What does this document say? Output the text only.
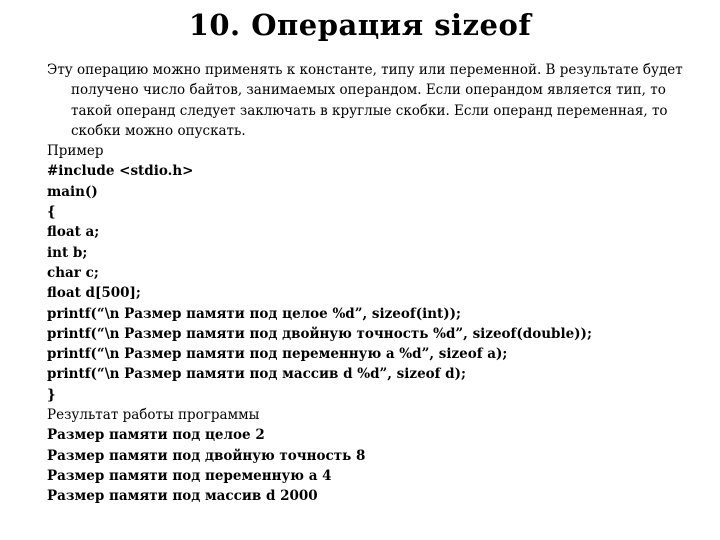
10. Операция sizeof

Эту операцию можно применять к константе, типу или переменной. В результате будет
получено число байтов, занимаемых операндом. Если операндом является тип, то
такой операнд следует заключать в круглые скобки. Если операнд переменная, то
скобки можно опускать.

Пример
#include <stdio.h>
main()
{
float a;
int b;
char c;
float d[500];
printf(“\n Размер памяти под целое %d”, sizeof(int));
printf(“\n Размер памяти под двойную точность %d”, sizeof(double));
printf(“\n Размер памяти под переменную a %d”, sizeof a);
printf(“\n Размер памяти под массив d %d”, sizeof d);
}
Результат работы программы
Размер памяти под целое 2
Размер памяти под двойную точность 8
Размер памяти под переменную a 4
Размер памяти под массив d 2000
